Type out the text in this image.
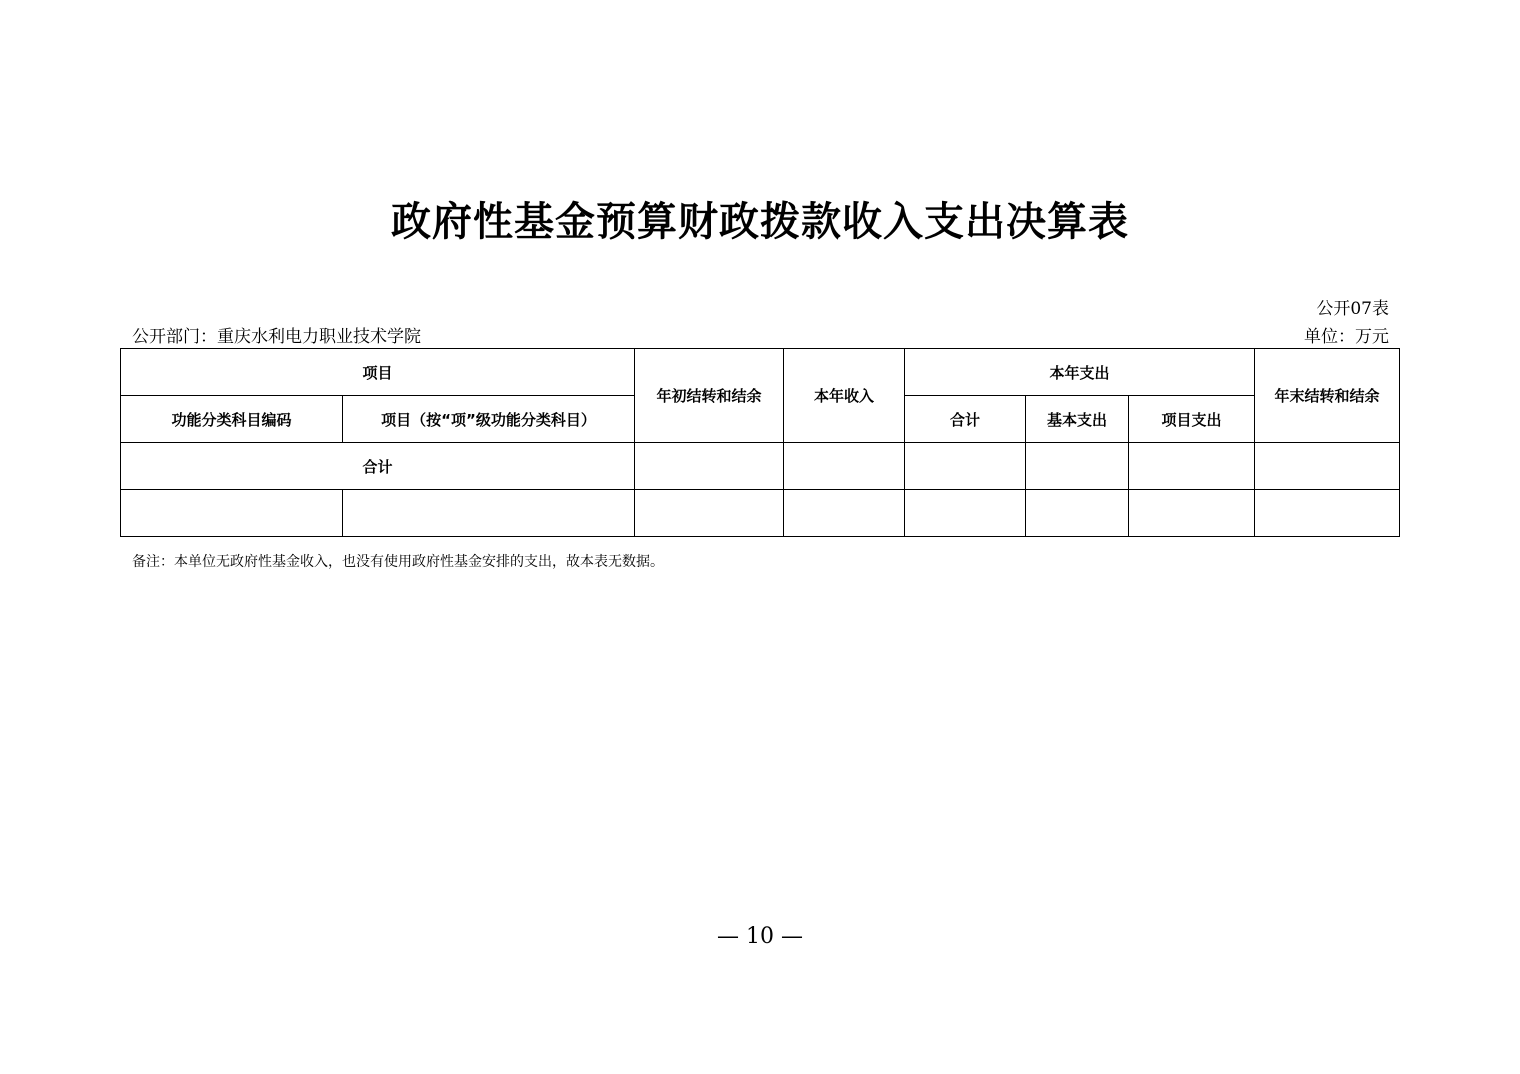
政府性基金预算财政拨款收入支出决算表
公开07表
公开部门：重庆水利电力职业技术学院	单位：万元
项目		年初结转和结余	本年收入	本年支出			年末结转和结余
功能分类科目编码	项目（按“项”级功能分类科目）			合计	基本支出	项目支出	
合计							

备注：本单位无政府性基金收入，也没有使用政府性基金安排的支出，故本表无数据。
— 10 —
